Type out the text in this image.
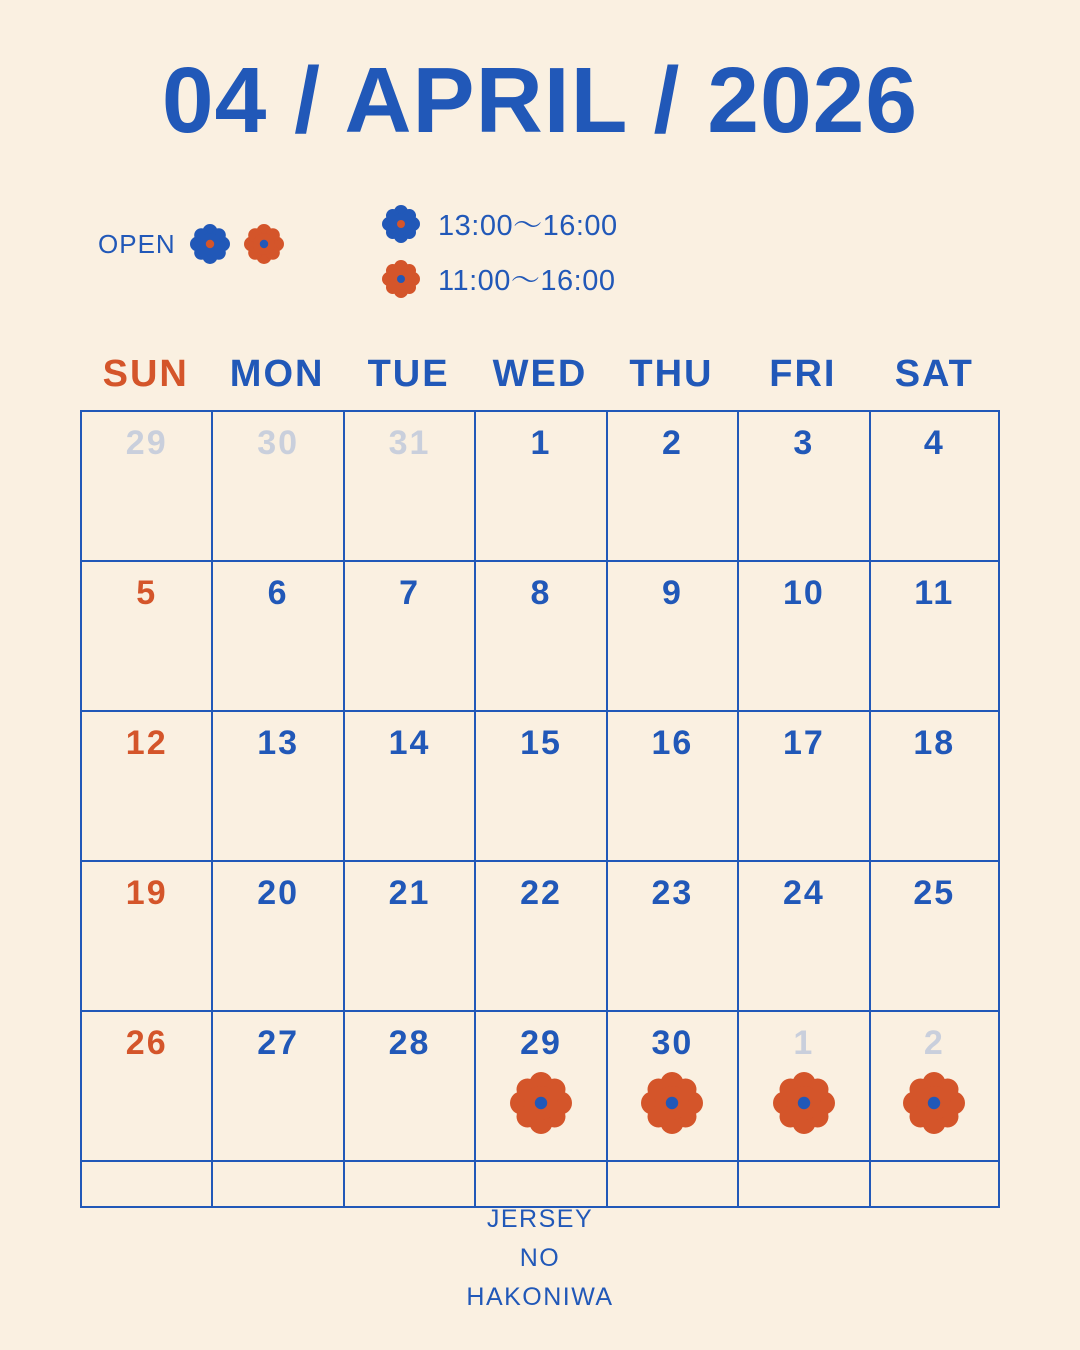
04 / APRIL / 2026
OPEN
13:00〜16:00
11:00〜16:00
SUN	MON	TUE	WED	THU	FRI	SAT
29	30	31	1	2	3	4
5	6	7	8	9	10	11
12	13	14	15	16	17	18
19	20	21	22	23	24	25
26	27	28	29	30	1	2
JERSEY
NO
HAKONIWA
